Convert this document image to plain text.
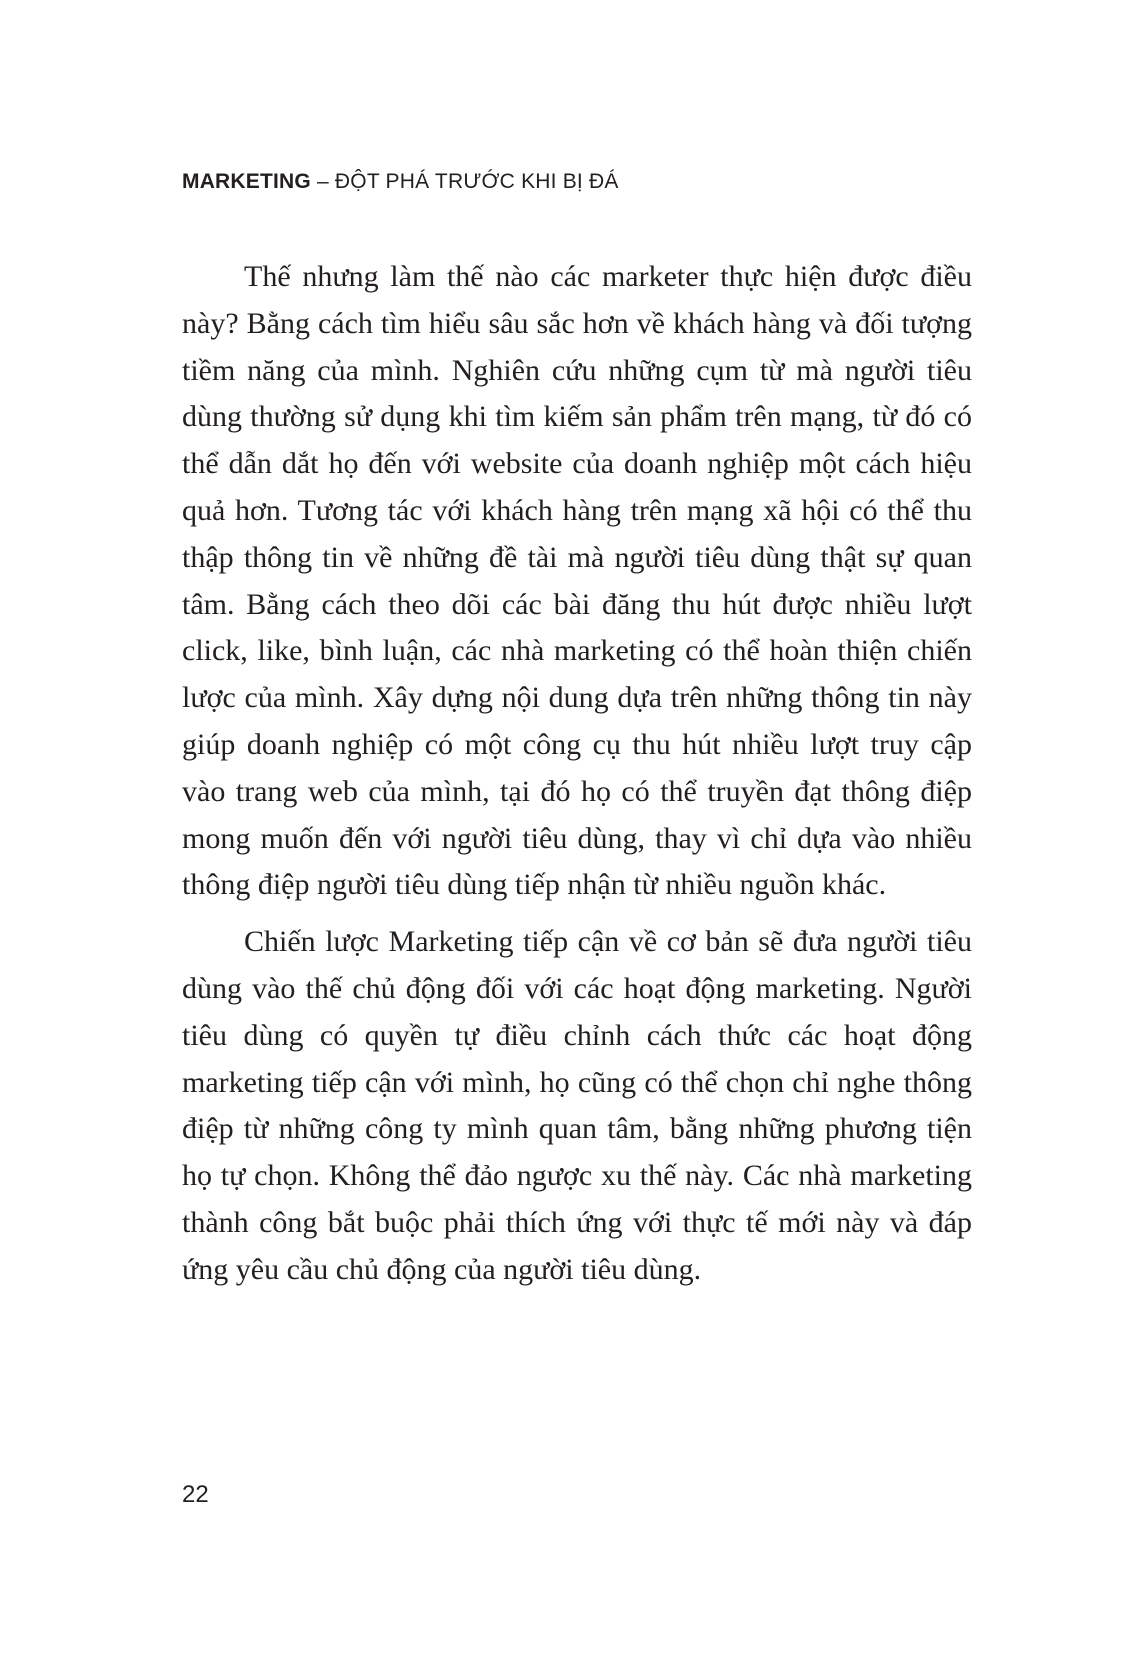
MARKETING – ĐỘT PHÁ TRƯỚC KHI BỊ ĐÁ

Thế nhưng làm thế nào các marketer thực hiện được điều này? Bằng cách tìm hiểu sâu sắc hơn về khách hàng và đối tượng tiềm năng của mình. Nghiên cứu những cụm từ mà người tiêu dùng thường sử dụng khi tìm kiếm sản phẩm trên mạng, từ đó có thể dẫn dắt họ đến với website của doanh nghiệp một cách hiệu quả hơn. Tương tác với khách hàng trên mạng xã hội có thể thu thập thông tin về những đề tài mà người tiêu dùng thật sự quan tâm. Bằng cách theo dõi các bài đăng thu hút được nhiều lượt click, like, bình luận, các nhà marketing có thể hoàn thiện chiến lược của mình. Xây dựng nội dung dựa trên những thông tin này giúp doanh nghiệp có một công cụ thu hút nhiều lượt truy cập vào trang web của mình, tại đó họ có thể truyền đạt thông điệp mong muốn đến với người tiêu dùng, thay vì chỉ dựa vào nhiều thông điệp người tiêu dùng tiếp nhận từ nhiều nguồn khác.

Chiến lược Marketing tiếp cận về cơ bản sẽ đưa người tiêu dùng vào thế chủ động đối với các hoạt động marketing. Người tiêu dùng có quyền tự điều chỉnh cách thức các hoạt động marketing tiếp cận với mình, họ cũng có thể chọn chỉ nghe thông điệp từ những công ty mình quan tâm, bằng những phương tiện họ tự chọn. Không thể đảo ngược xu thế này. Các nhà marketing thành công bắt buộc phải thích ứng với thực tế mới này và đáp ứng yêu cầu chủ động của người tiêu dùng.

22
